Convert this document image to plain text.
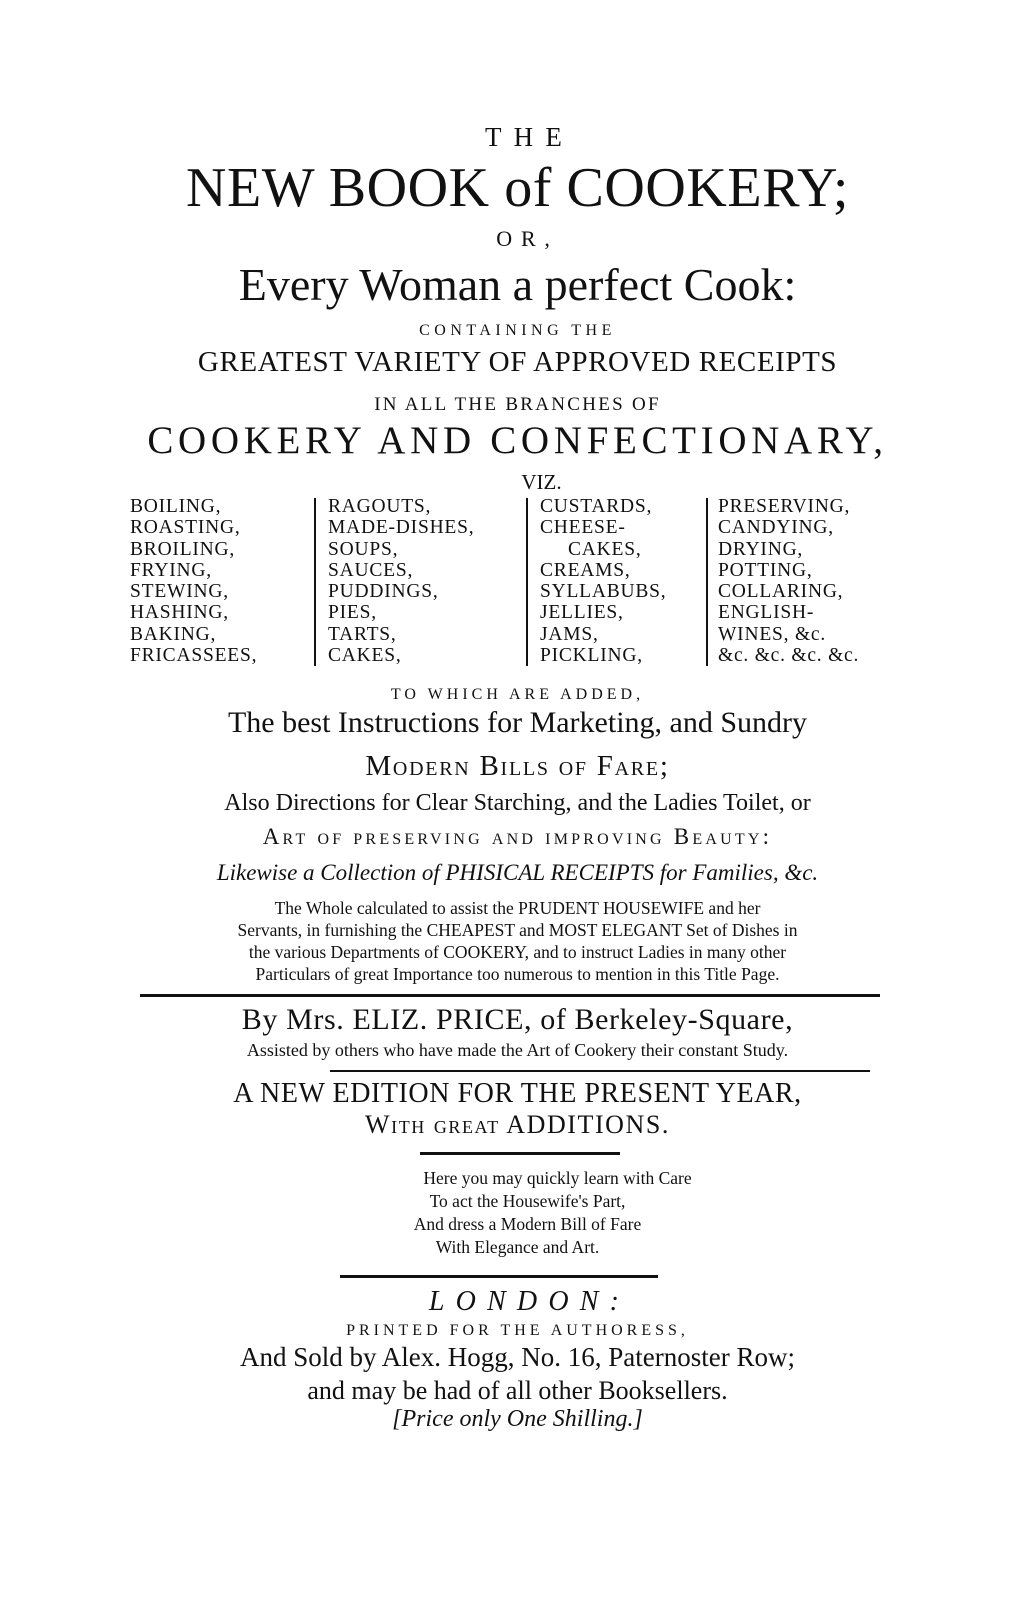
THE
NEW BOOK of COOKERY;
OR,
Every Woman a perfect Cook:
CONTAINING THE
GREATEST VARIETY OF APPROVED RECEIPTS
IN ALL THE BRANCHES OF
COOKERY AND CONFECTIONARY,
VIZ.
BOILING,
ROASTING,
BROILING,
FRYING,
STEWING,
HASHING,
BAKING,
FRICASSEES,
RAGOUTS,
MADE-DISHES,
SOUPS,
SAUCES,
PUDDINGS,
PIES,
TARTS,
CAKES,
CUSTARDS,
CHEESE-
CAKES,
CREAMS,
SYLLABUBS,
JELLIES,
JAMS,
PICKLING,
PRESERVING,
CANDYING,
DRYING,
POTTING,
COLLARING,
ENGLISH-
WINES, &c.
&c. &c. &c. &c.
TO WHICH ARE ADDED,
The best Instructions for Marketing, and Sundry
Modern Bills of Fare;
Also Directions for Clear Starching, and the Ladies Toilet, or
Art of preserving and improving Beauty:
Likewise a Collection of PHISICAL RECEIPTS for Families, &c.
The Whole calculated to assist the PRUDENT HOUSEWIFE and her
Servants, in furnishing the CHEAPEST and MOST ELEGANT Set of Dishes in
the various Departments of COOKERY, and to instruct Ladies in many other
Particulars of great Importance too numerous to mention in this Title Page.
By Mrs. ELIZ. PRICE, of Berkeley-Square,
Assisted by others who have made the Art of Cookery their constant Study.
A NEW EDITION FOR THE PRESENT YEAR,
With great ADDITIONS.
Here you may quickly learn with Care
To act the Housewife's Part,
And dress a Modern Bill of Fare
With Elegance and Art.
LONDON:
PRINTED FOR THE AUTHORESS,
And Sold by Alex. Hogg, No. 16, Paternoster Row;
and may be had of all other Booksellers.
[Price only One Shilling.]
